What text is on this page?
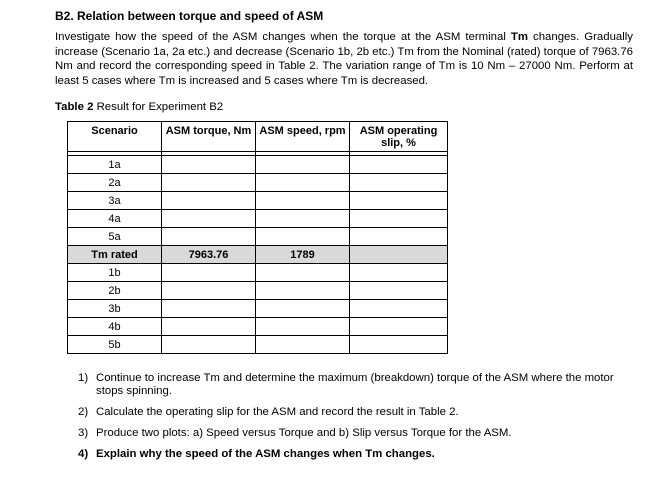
B2. Relation between torque and speed of ASM

Investigate how the speed of the ASM changes when the torque at the ASM terminal Tm changes. Gradually increase (Scenario 1a, 2a etc.) and decrease (Scenario 1b, 2b etc.) Tm from the Nominal (rated) torque of 7963.76 Nm and record the corresponding speed in Table 2. The variation range of Tm is 10 Nm – 27000 Nm. Perform at least 5 cases where Tm is increased and 5 cases where Tm is decreased.

Table 2 Result for Experiment B2
Scenario	ASM torque, Nm	ASM speed, rpm	ASM operating slip, %

1a			
2a			
3a			
4a			
5a			
Tm rated	7963.76	1789	
1b			
2b			
3b			
4b			
5b			
1) Continue to increase Tm and determine the maximum (breakdown) torque of the ASM where the motor stops spinning.
2) Calculate the operating slip for the ASM and record the result in Table 2.
3) Produce two plots: a) Speed versus Torque and b) Slip versus Torque for the ASM.
4) Explain why the speed of the ASM changes when Tm changes.
